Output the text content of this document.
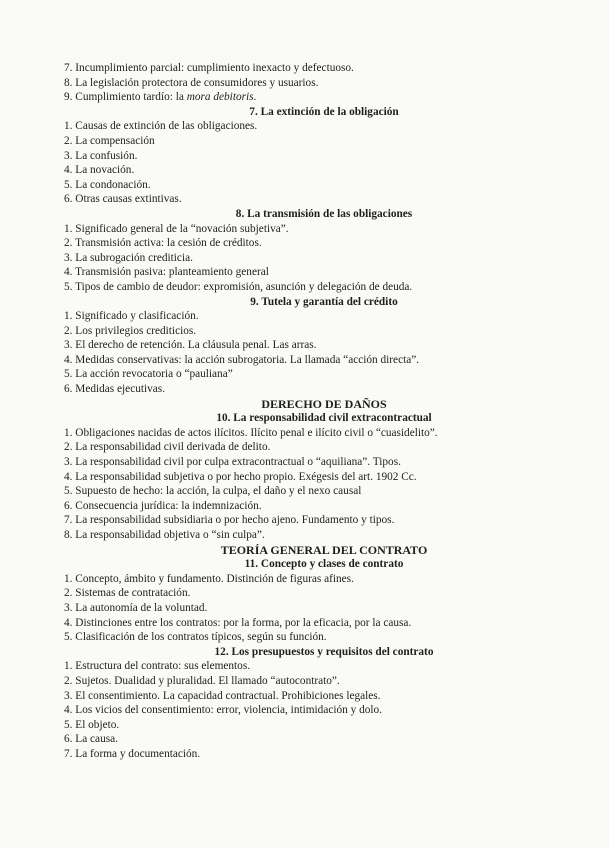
7. Incumplimiento parcial: cumplimiento inexacto y defectuoso.
8. La legislación protectora de consumidores y usuarios.
9. Cumplimiento tardío: la mora debitoris.
7. La extinción de la obligación
1. Causas de extinción de las obligaciones.
2. La compensación
3. La confusión.
4. La novación.
5. La condonación.
6. Otras causas extintivas.
8. La transmisión de las obligaciones
1. Significado general de la “novación subjetiva”.
2. Transmisión activa: la cesión de créditos.
3. La subrogación crediticia.
4. Transmisión pasiva: planteamiento general
5. Tipos de cambio de deudor: expromisión, asunción y delegación de deuda.
9. Tutela y garantía del crédito
1. Significado y clasificación.
2. Los privilegios crediticios.
3. El derecho de retención. La cláusula penal. Las arras.
4. Medidas conservativas: la acción subrogatoria. La llamada “acción directa”.
5. La acción revocatoria o “pauliana”
6. Medidas ejecutivas.
DERECHO DE DAÑOS
10. La responsabilidad civil extracontractual
1. Obligaciones nacidas de actos ilícitos. Ilícito penal e ilícito civil o “cuasidelito”.
2. La responsabilidad civil derivada de delito.
3. La responsabilidad civil por culpa extracontractual o “aquiliana”. Tipos.
4. La responsabilidad subjetiva o por hecho propio. Exégesis del art. 1902 Cc.
5. Supuesto de hecho: la acción, la culpa, el daño y el nexo causal
6. Consecuencia jurídica: la indemnización.
7. La responsabilidad subsidiaria o por hecho ajeno. Fundamento y tipos.
8. La responsabilidad objetiva o “sin culpa”.
TEORÍA GENERAL DEL CONTRATO
11. Concepto y clases de contrato
1. Concepto, ámbito y fundamento. Distinción de figuras afines.
2. Sistemas de contratación.
3. La autonomía de la voluntad.
4. Distinciones entre los contratos: por la forma, por la eficacia, por la causa.
5. Clasificación de los contratos típicos, según su función.
12. Los presupuestos y requisitos del contrato
1. Estructura del contrato: sus elementos.
2. Sujetos. Dualidad y pluralidad. El llamado “autocontrato”.
3. El consentimiento. La capacidad contractual. Prohibiciones legales.
4. Los vicios del consentimiento: error, violencia, intimidación y dolo.
5. El objeto.
6. La causa.
7. La forma y documentación.
